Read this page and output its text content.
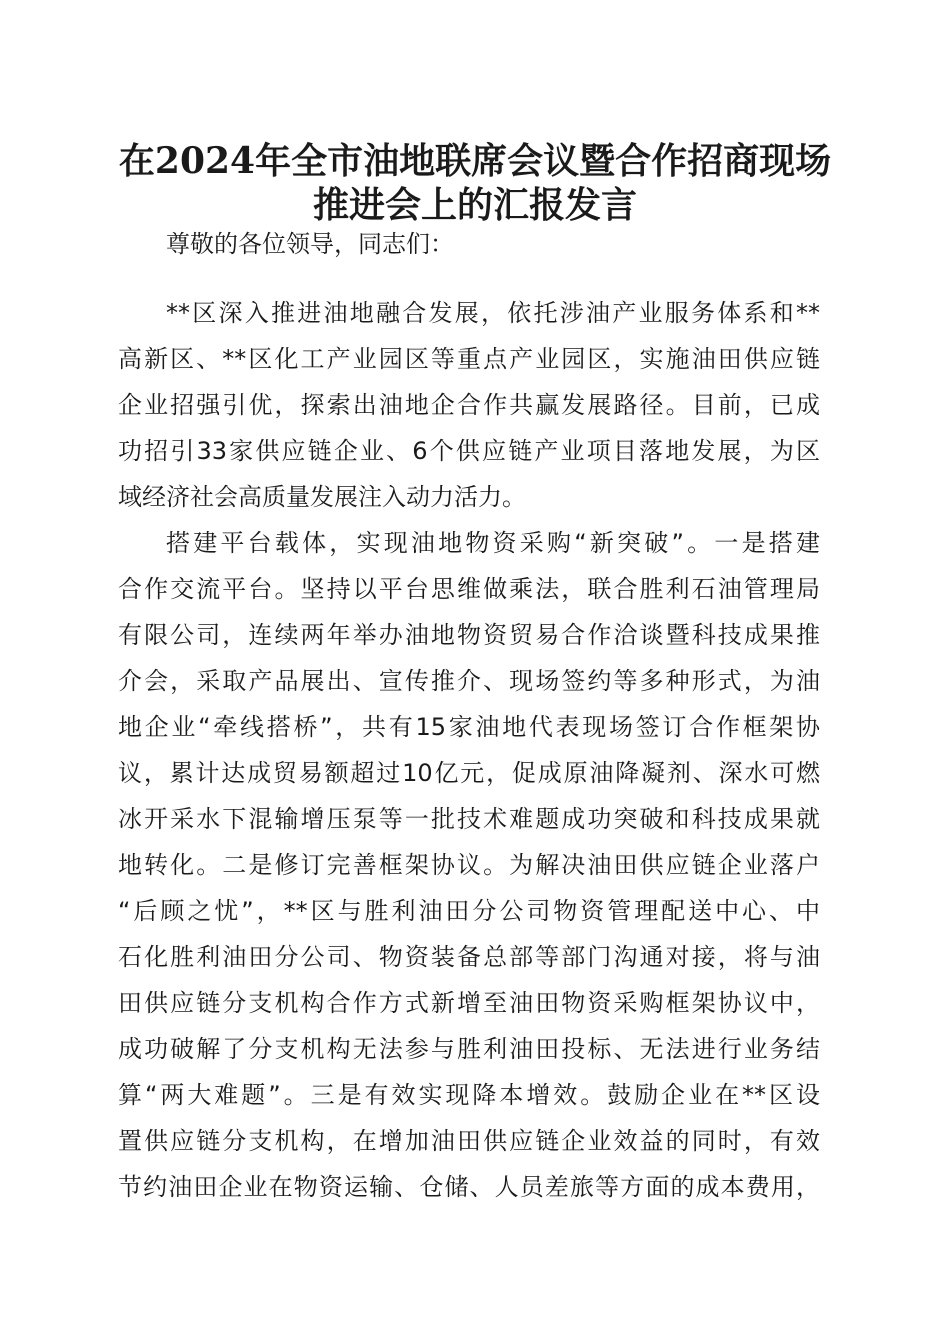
在2024年全市油地联席会议暨合作招商现场
推进会上的汇报发言
尊敬的各位领导，同志们：
**区深入推进油地融合发展，依托涉油产业服务体系和**
高新区、**区化工产业园区等重点产业园区，实施油田供应链
企业招强引优，探索出油地企合作共赢发展路径。目前，已成
功招引33家供应链企业、6个供应链产业项目落地发展，为区
域经济社会高质量发展注入动力活力。
搭建平台载体，实现油地物资采购“新突破”。一是搭建
合作交流平台。坚持以平台思维做乘法，联合胜利石油管理局
有限公司，连续两年举办油地物资贸易合作洽谈暨科技成果推
介会，采取产品展出、宣传推介、现场签约等多种形式，为油
地企业“牵线搭桥”，共有15家油地代表现场签订合作框架协
议，累计达成贸易额超过10亿元，促成原油降凝剂、深水可燃
冰开采水下混输增压泵等一批技术难题成功突破和科技成果就
地转化。二是修订完善框架协议。为解决油田供应链企业落户
“后顾之忧”，**区与胜利油田分公司物资管理配送中心、中
石化胜利油田分公司、物资装备总部等部门沟通对接，将与油
田供应链分支机构合作方式新增至油田物资采购框架协议中，
成功破解了分支机构无法参与胜利油田投标、无法进行业务结
算“两大难题”。三是有效实现降本增效。鼓励企业在**区设
置供应链分支机构，在增加油田供应链企业效益的同时，有效
节约油田企业在物资运输、仓储、人员差旅等方面的成本费用，
